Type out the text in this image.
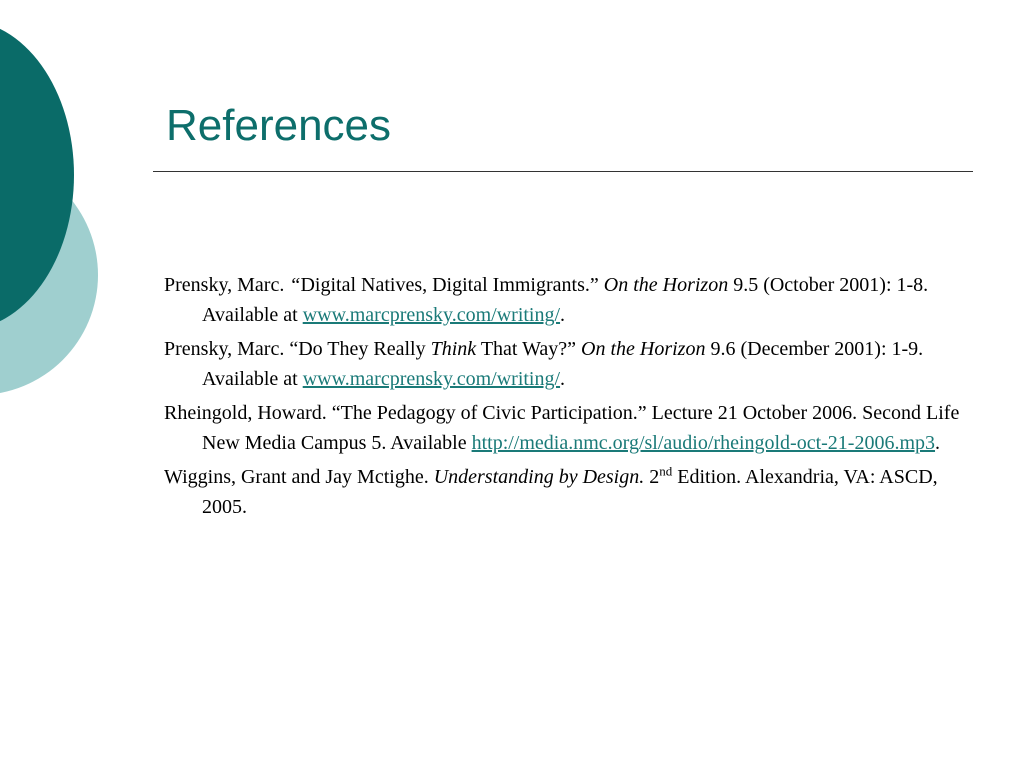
References

Prensky, Marc. “Digital Natives, Digital Immigrants.” On the Horizon 9.5 (October 2001): 1-8. Available at www.marcprensky.com/writing/.

Prensky, Marc. “Do They Really Think That Way?” On the Horizon 9.6 (December 2001): 1-9. Available at www.marcprensky.com/writing/.

Rheingold, Howard. “The Pedagogy of Civic Participation.” Lecture 21 October 2006. Second Life New Media Campus 5. Available http://media.nmc.org/sl/audio/rheingold-oct-21-2006.mp3.

Wiggins, Grant and Jay Mctighe. Understanding by Design. 2nd Edition. Alexandria, VA: ASCD, 2005.
